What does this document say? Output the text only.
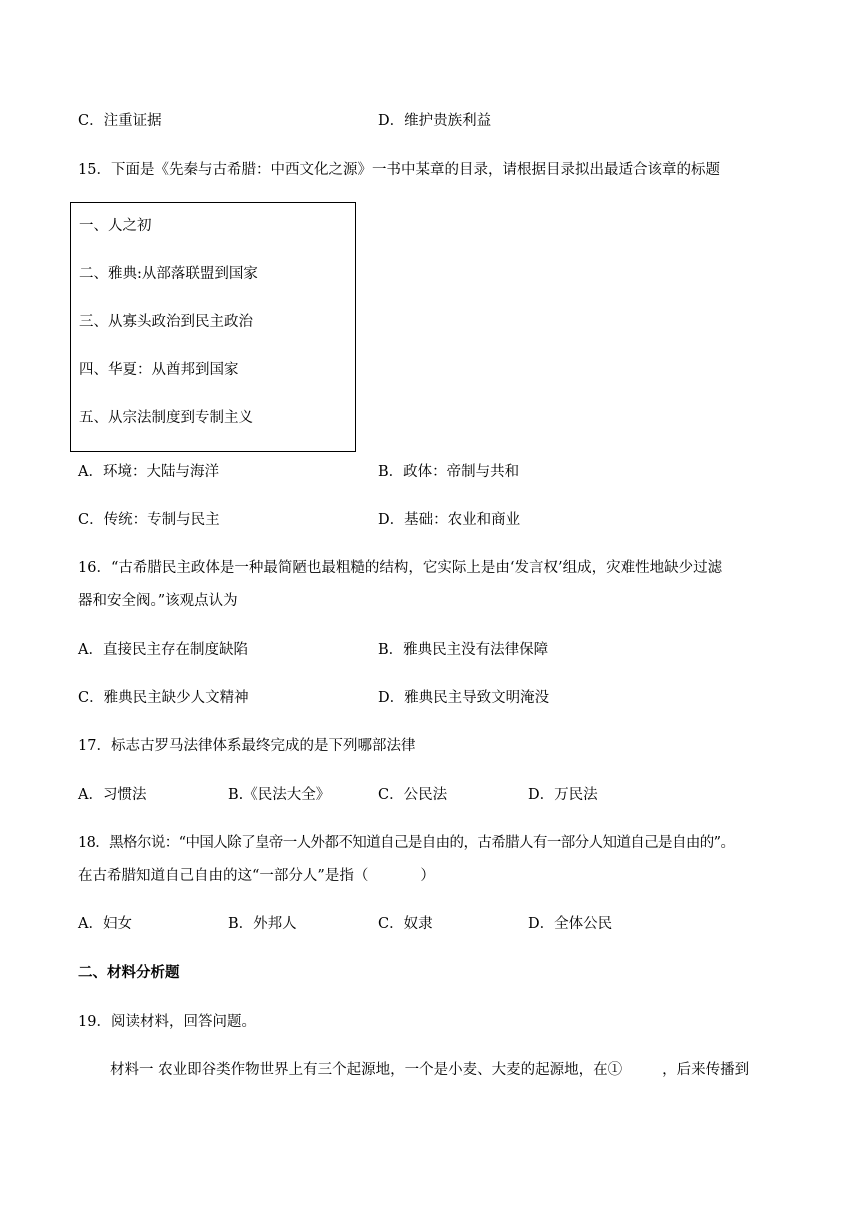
C．注重证据	D．维护贵族利益
15．下面是《先秦与古希腊：中西文化之源》一书中某章的目录，请根据目录拟出最适合该章的标题
一、人之初
二、雅典:从部落联盟到国家
三、从寡头政治到民主政治
四、华夏：从酋邦到国家
五、从宗法制度到专制主义
A．环境：大陆与海洋	B．政体：帝制与共和
C．传统：专制与民主	D．基础：农业和商业
16．“古希腊民主政体是一种最简陋也最粗糙的结构，它实际上是由‘发言权’组成，灾难性地缺少过滤
器和安全阀。”该观点认为
A．直接民主存在制度缺陷	B．雅典民主没有法律保障
C．雅典民主缺少人文精神	D．雅典民主导致文明淹没
17．标志古罗马法律体系最终完成的是下列哪部法律
A．习惯法	B.《民法大全》	C．公民法	D．万民法
18．黑格尔说：“中国人除了皇帝一人外都不知道自己是自由的，古希腊人有一部分人知道自己是自由的”。
在古希腊知道自己自由的这“一部分人”是指（	）
A．妇女	B．外邦人	C．奴隶	D．全体公民
二、材料分析题
19．阅读材料，回答问题。
材料一 农业即谷类作物世界上有三个起源地，一个是小麦、大麦的起源地，在①	，后来传播到
